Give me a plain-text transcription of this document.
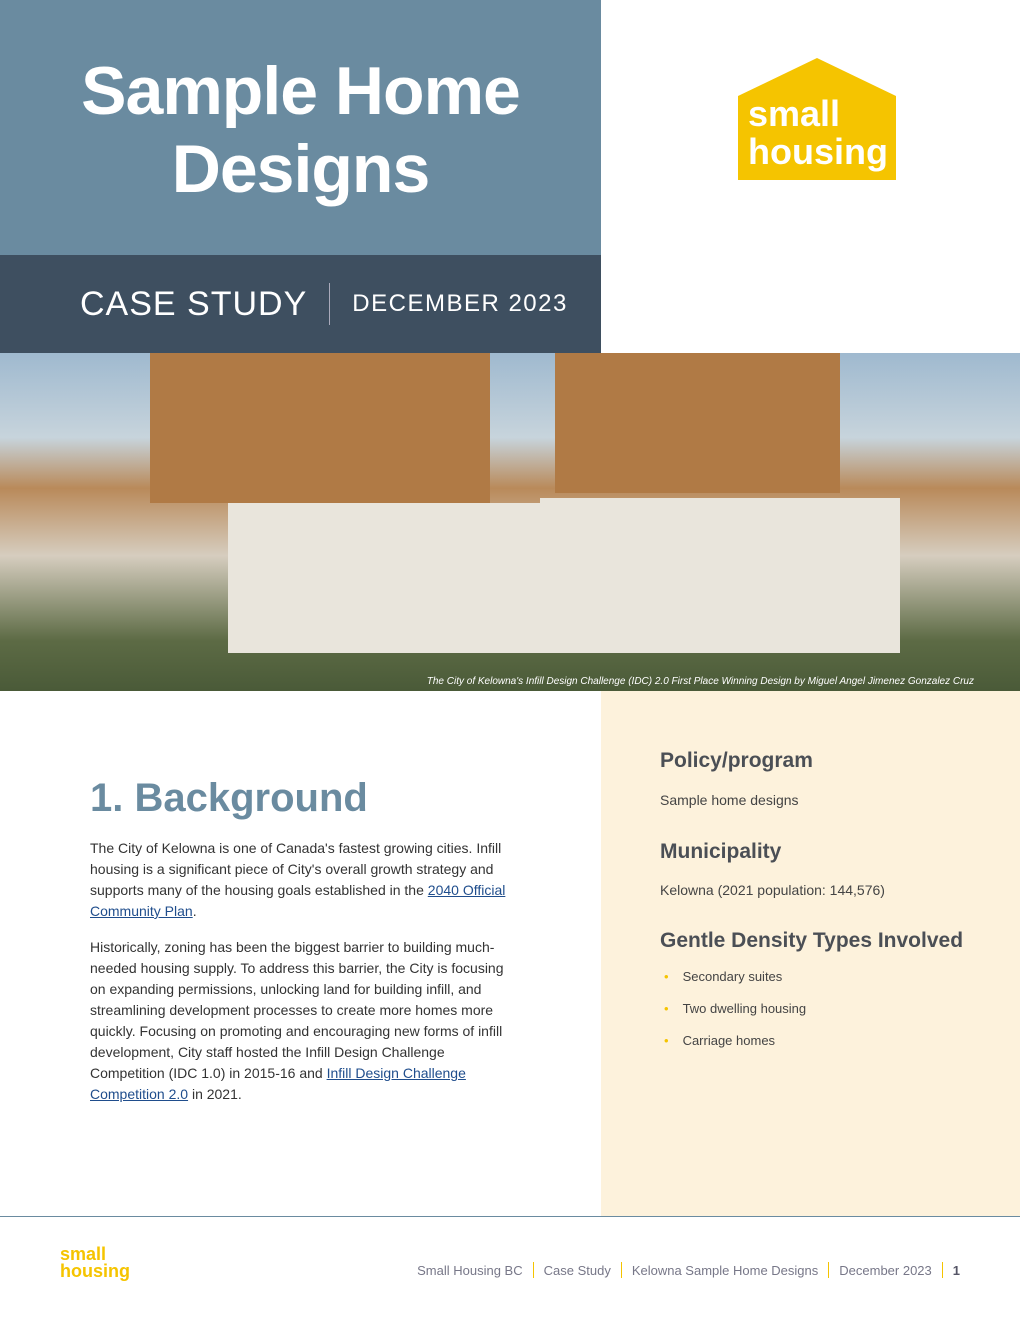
Sample Home
Designs
CASE STUDY DECEMBER 2023
small
housing
The City of Kelowna's Infill Design Challenge (IDC) 2.0 First Place Winning Design by Miguel Angel Jimenez Gonzalez Cruz
Policy/program
Sample home designs
Municipality
Kelowna (2021 population: 144,576)
Gentle Density Types Involved
• Secondary suites
• Two dwelling housing
• Carriage homes
1. Background

The City of Kelowna is one of Canada's fastest growing cities. Infill housing is a significant piece of City's overall growth strategy and supports many of the housing goals established in the 2040 Official Community Plan.

Historically, zoning has been the biggest barrier to building much-needed housing supply. To address this barrier, the City is focusing on expanding permissions, unlocking land for building infill, and streamlining development processes to create more homes more quickly. Focusing on promoting and encouraging new forms of infill development, City staff hosted the Infill Design Challenge Competition (IDC 1.0) in 2015-16 and Infill Design Challenge Competition 2.0 in 2021.

small
housing	Small Housing BC Case Study Kelowna Sample Home Designs December 2023 1
